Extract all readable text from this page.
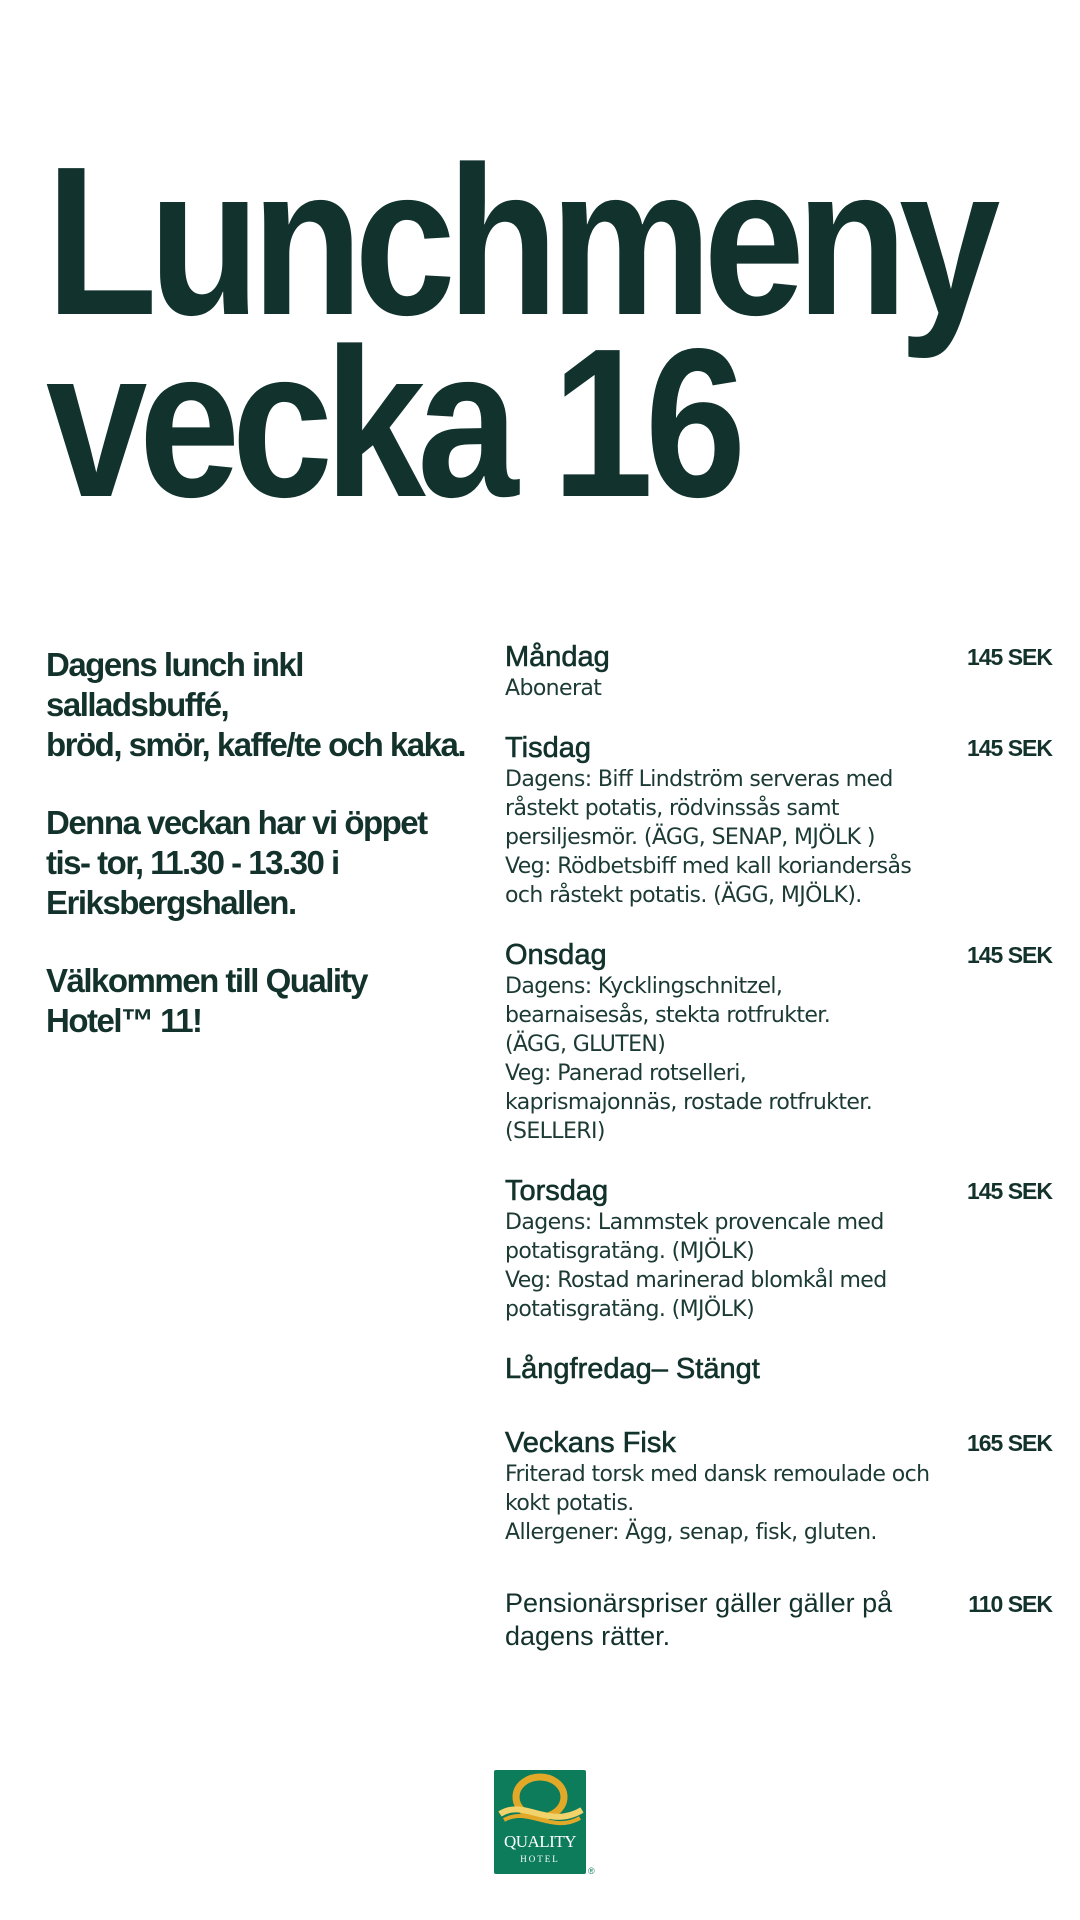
Lunchmeny
vecka 16

Dagens lunch inkl salladsbuffé,
bröd, smör, kaffe/te och kaka.

Denna veckan har vi öppet
tis- tor, 11.30 - 13.30 i
Eriksbergshallen.

Välkommen till Quality Hotel™ 11!

Måndag

Abonerat

145 SEK

Tisdag

Dagens: Biff Lindström serveras med
råstekt potatis, rödvinssås samt
persiljesmör. (ÄGG, SENAP, MJÖLK )
Veg: Rödbetsbiff med kall koriandersås
och råstekt potatis. (ÄGG, MJÖLK).

145 SEK

Onsdag

Dagens: Kycklingschnitzel,
bearnaisesås, stekta rotfrukter.
(ÄGG, GLUTEN)
Veg: Panerad rotselleri,
kaprismajonnäs, rostade rotfrukter.
(SELLERI)

145 SEK

Torsdag

Dagens: Lammstek provencale med
potatisgratäng. (MJÖLK)
Veg: Rostad marinerad blomkål med
potatisgratäng. (MJÖLK)

145 SEK

Långfredag– Stängt

Veckans Fisk

Friterad torsk med dansk remoulade och
kokt potatis.
Allergener: Ägg, senap, fisk, gluten.

165 SEK

Pensionärspriser gäller gäller på
dagens rätter.

110 SEK
QUALITY
HOTEL
®
